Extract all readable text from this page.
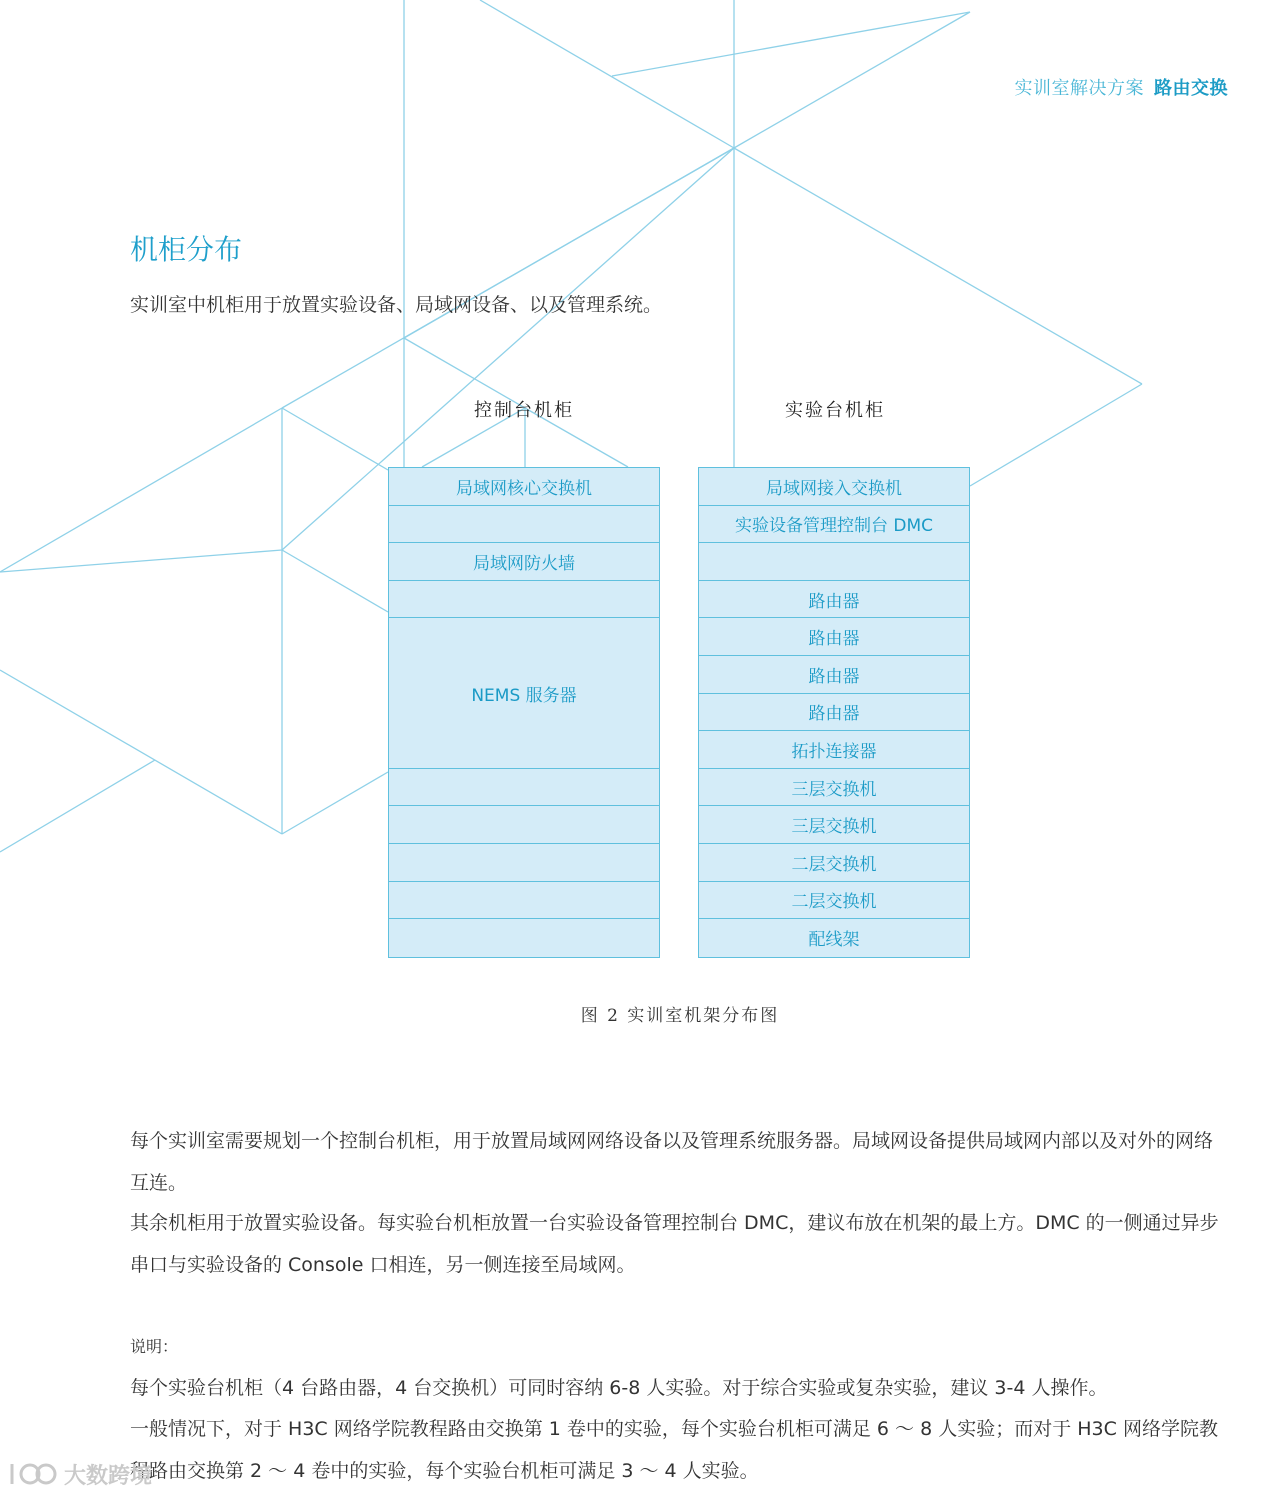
实训室解决方案 路由交换
机柜分布

实训室中机柜用于放置实验设备、局域网设备、以及管理系统。

控制台机柜	实验台机柜
局域网核心交换机
局域网防火墙
NEMS 服务器
局域网接入交换机
实验设备管理控制台 DMC
路由器
路由器
路由器
路由器
拓扑连接器
三层交换机
三层交换机
二层交换机
二层交换机
配线架
图 2 实训室机架分布图

每个实训室需要规划一个控制台机柜，用于放置局域网网络设备以及管理系统服务器。局域网设备提供局域网内部以及对外的网络互连。

其余机柜用于放置实验设备。每实验台机柜放置一台实验设备管理控制台 DMC，建议布放在机架的最上方。DMC 的一侧通过异步串口与实验设备的 Console 口相连，另一侧连接至局域网。

说明：

每个实验台机柜（4 台路由器，4 台交换机）可同时容纳 6-8 人实验。对于综合实验或复杂实验，建议 3-4 人操作。

一般情况下，对于 H3C 网络学院教程路由交换第 1 卷中的实验，每个实验台机柜可满足 6 ～ 8 人实验；而对于 H3C 网络学院教程路由交换第 2 ～ 4 卷中的实验，每个实验台机柜可满足 3 ～ 4 人实验。

大数跨境
